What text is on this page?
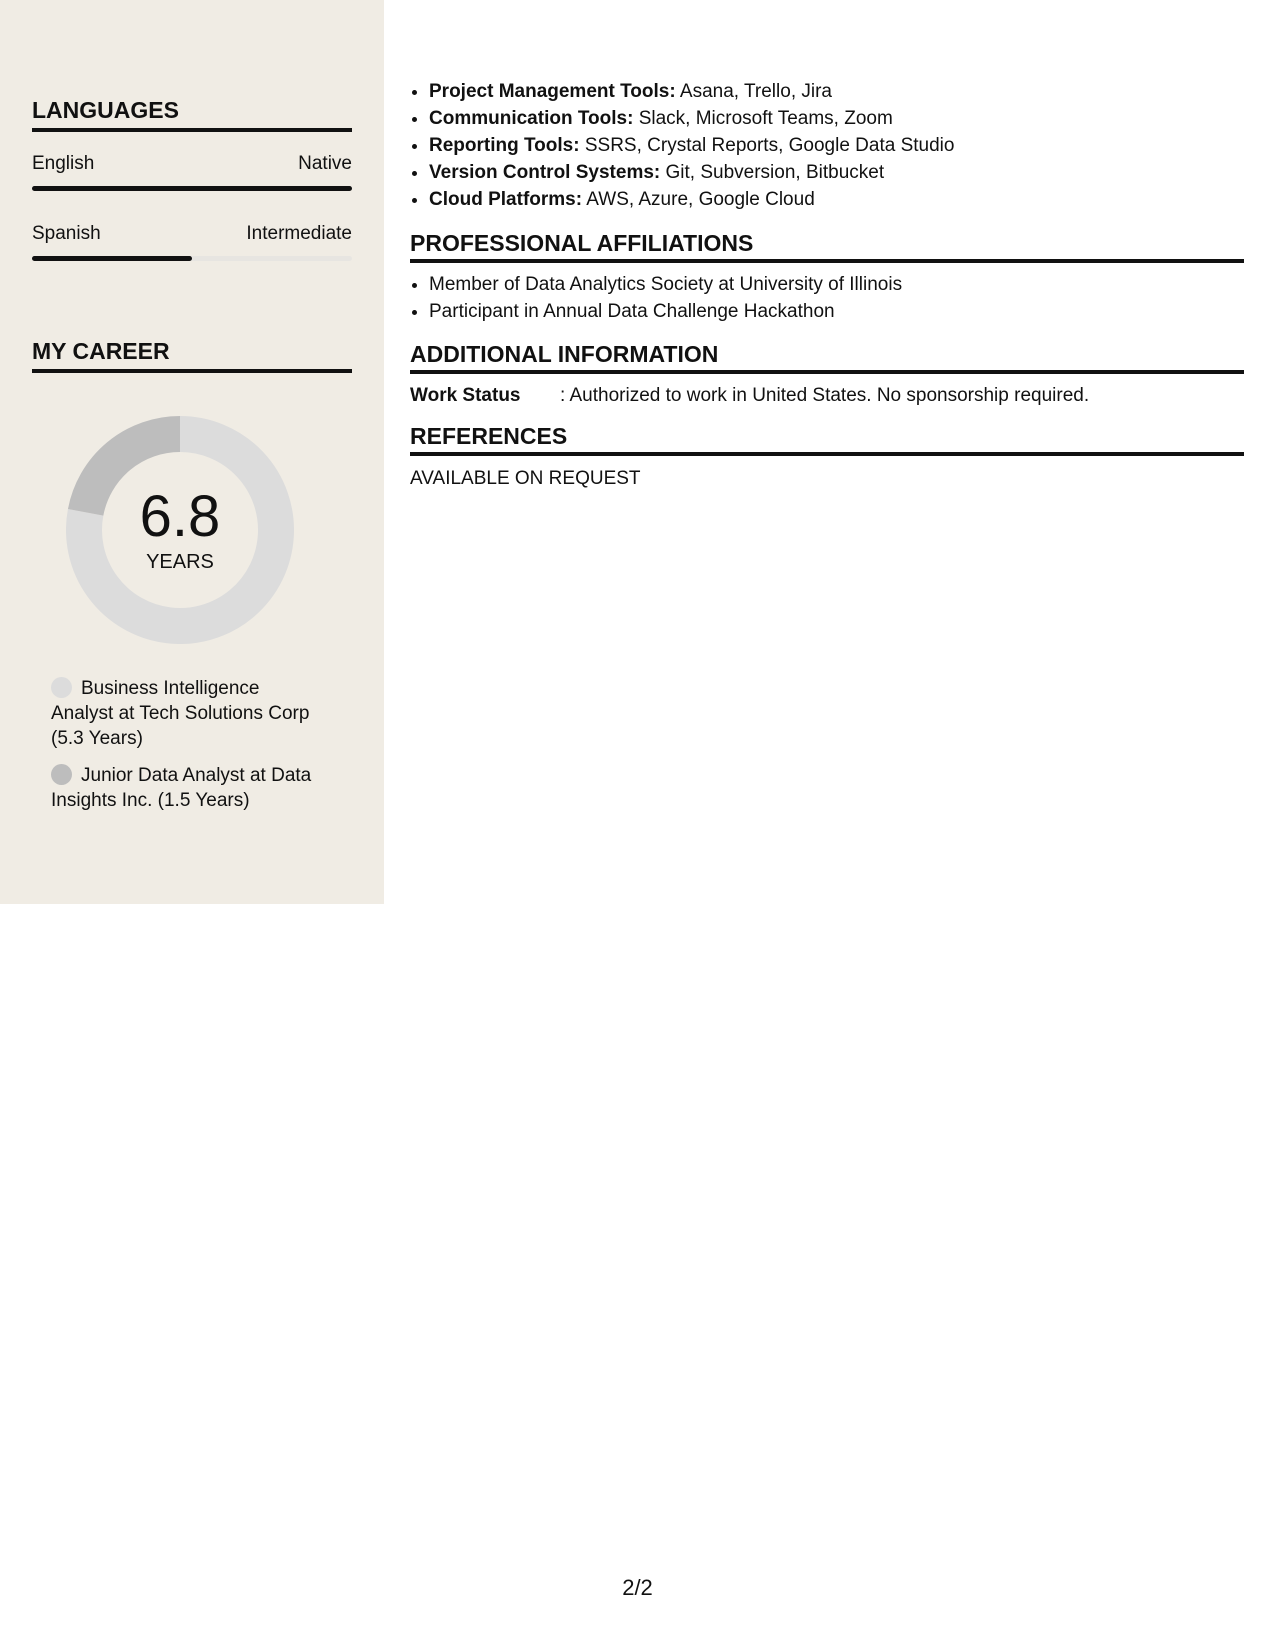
LANGUAGES
English	Native
Spanish	Intermediate
MY CAREER
6.8
YEARS
Business Intelligence Analyst at Tech Solutions Corp (5.3 Years)
Junior Data Analyst at Data Insights Inc. (1.5 Years)
• Project Management Tools: Asana, Trello, Jira
• Communication Tools: Slack, Microsoft Teams, Zoom
• Reporting Tools: SSRS, Crystal Reports, Google Data Studio
• Version Control Systems: Git, Subversion, Bitbucket
• Cloud Platforms: AWS, Azure, Google Cloud
PROFESSIONAL AFFILIATIONS
• Member of Data Analytics Society at University of Illinois
• Participant in Annual Data Challenge Hackathon
ADDITIONAL INFORMATION
Work Status : Authorized to work in United States. No sponsorship required.
REFERENCES
AVAILABLE ON REQUEST
2/2
